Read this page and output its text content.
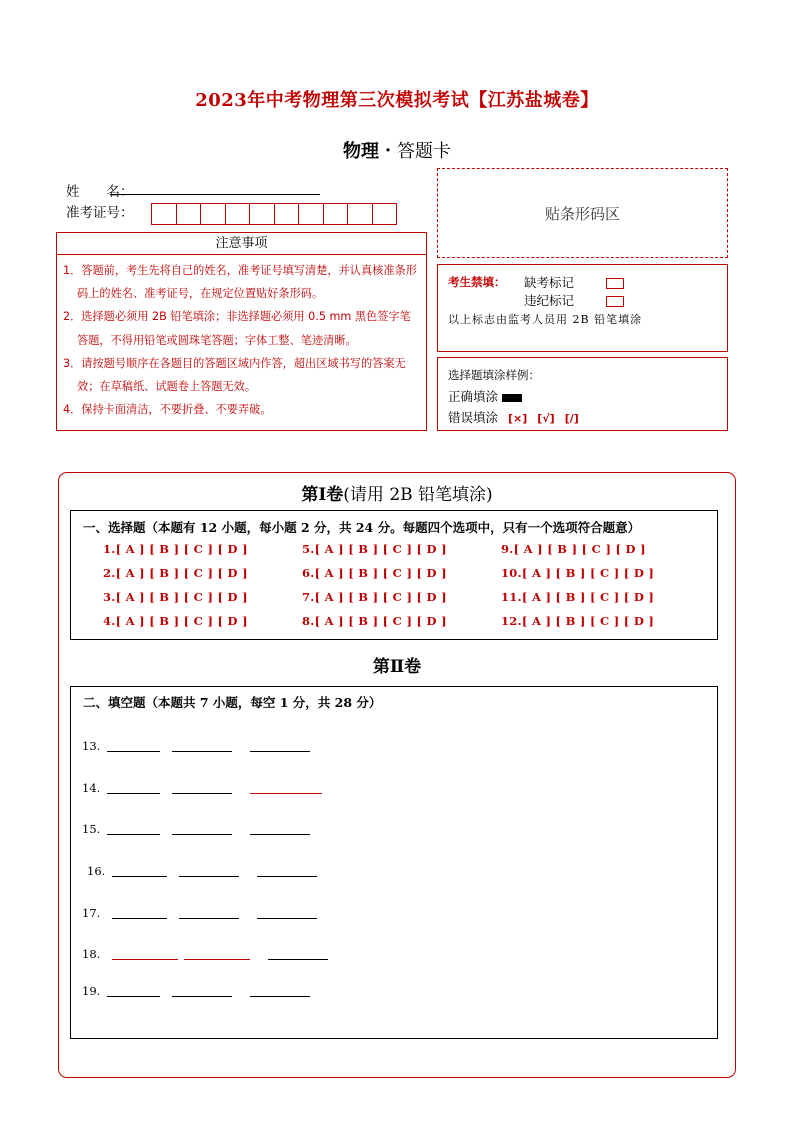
2023年中考物理第三次模拟考试【江苏盐城卷】
物理・答题卡
姓　　名：
准考证号：	贴条形码区
注意事项
1．答题前，考生先将自己的姓名，准考证号填写清楚，并认真核准条形码上的姓名、准考证号，在规定位置贴好条形码。
2．选择题必须用 2B 铅笔填涂；非选择题必须用 0.5 mm 黑色签字笔答题，不得用铅笔或圆珠笔答题；字体工整、笔迹清晰。
3．请按题号顺序在各题目的答题区域内作答，超出区域书写的答案无效；在草稿纸、试题卷上答题无效。
4．保持卡面清洁，不要折叠、不要弄破。
考生禁填： 缺考标记
违纪标记
以上标志由监考人员用 2B 铅笔填涂
选择题填涂样例：
正确填涂
错误填涂 [×] [√] [/]
第Ⅰ卷(请用 2B 铅笔填涂)
一、选择题（本题有 12 小题，每小题 2 分，共 24 分。每题四个选项中，只有一个选项符合题意）
1.[ A ] [ B ] [ C ] [ D ]
2.[ A ] [ B ] [ C ] [ D ]
3.[ A ] [ B ] [ C ] [ D ]
4.[ A ] [ B ] [ C ] [ D ]
5.[ A ] [ B ] [ C ] [ D ]
6.[ A ] [ B ] [ C ] [ D ]
7.[ A ] [ B ] [ C ] [ D ]
8.[ A ] [ B ] [ C ] [ D ]
9.[ A ] [ B ] [ C ] [ D ]
10.[ A ] [ B ] [ C ] [ D ]
11.[ A ] [ B ] [ C ] [ D ]
12.[ A ] [ B ] [ C ] [ D ]
第Ⅱ卷
二、填空题（本题共 7 小题，每空 1 分，共 28 分）
13.
14.
15.
16.
17.
18.
19.
